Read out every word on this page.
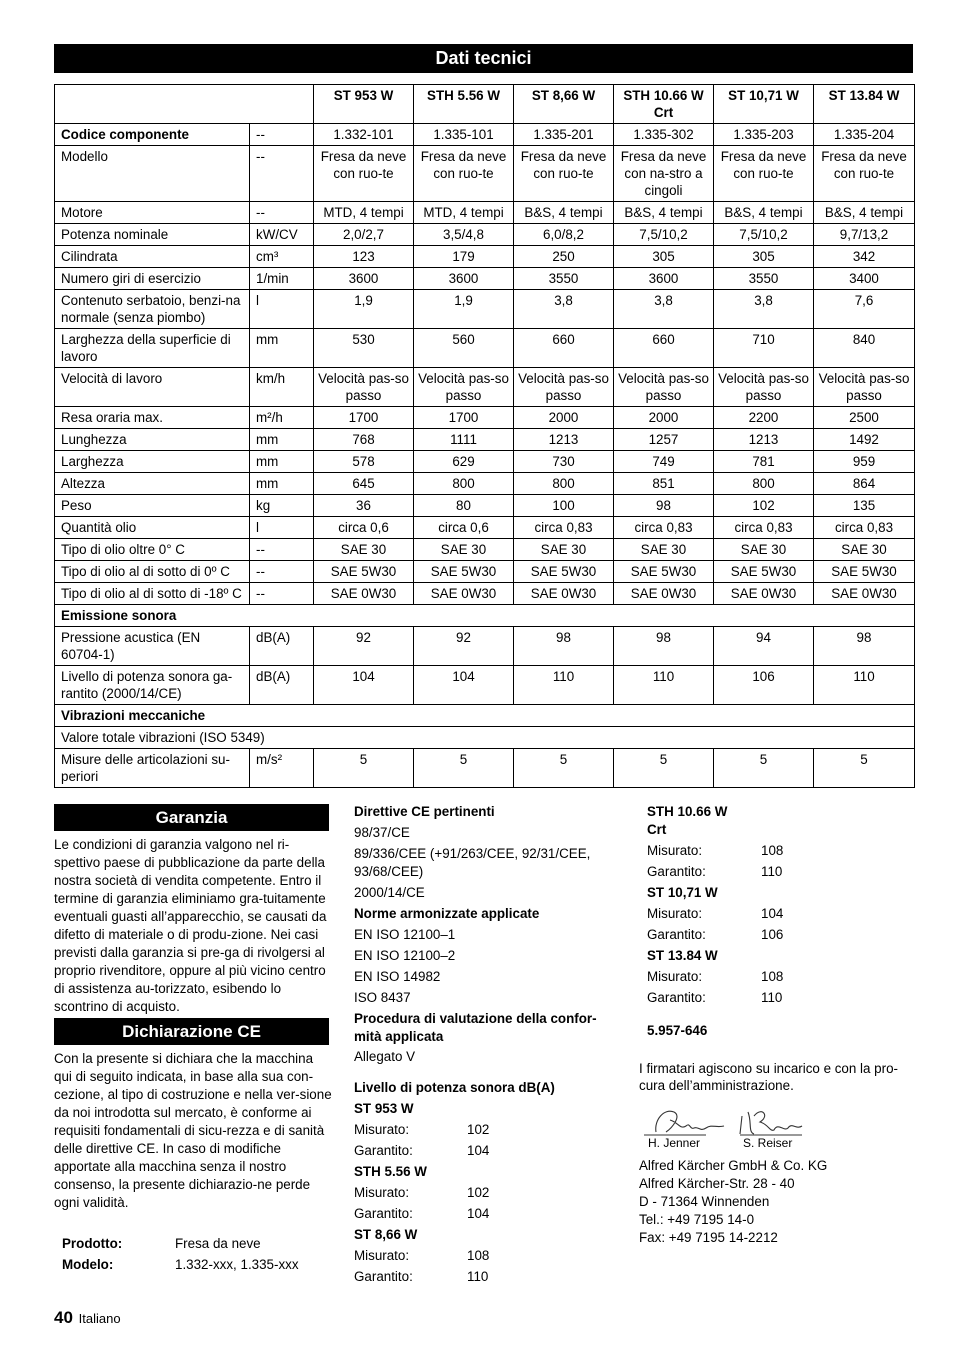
Dati tecnici
		ST 953 W	STH 5.56 W	ST 8,66 W	STH 10.66 W Crt	ST 10,71 W	ST 13.84 W
Codice componente	--	1.332-101	1.335-101	1.335-201	1.335-302	1.335-203	1.335-204
Modello	--	Fresa da neve con ruo-te	Fresa da neve con ruo-te	Fresa da neve con ruo-te	Fresa da neve con na-stro a cingoli	Fresa da neve con ruo-te	Fresa da neve con ruo-te
Motore	--	MTD, 4 tempi	MTD, 4 tempi	B&S, 4 tempi	B&S, 4 tempi	B&S, 4 tempi	B&S, 4 tempi
Potenza nominale	kW/CV	2,0/2,7	3,5/4,8	6,0/8,2	7,5/10,2	7,5/10,2	9,7/13,2
Cilindrata	cm³	123	179	250	305	305	342
Numero giri di esercizio	1/min	3600	3600	3550	3600	3550	3400
Contenuto serbatoio, benzi-na normale (senza piombo)	l	1,9	1,9	3,8	3,8	3,8	7,6
Larghezza della superficie di lavoro	mm	530	560	660	660	710	840
Velocità di lavoro	km/h	Velocità pas-so passo	Velocità pas-so passo	Velocità pas-so passo	Velocità pas-so passo	Velocità pas-so passo	Velocità pas-so passo
Resa oraria max.	m²/h	1700	1700	2000	2000	2200	2500
Lunghezza	mm	768	1111	1213	1257	1213	1492
Larghezza	mm	578	629	730	749	781	959
Altezza	mm	645	800	800	851	800	864
Peso	kg	36	80	100	98	102	135
Quantità olio	l	circa 0,6	circa 0,6	circa 0,83	circa 0,83	circa 0,83	circa 0,83
Tipo di olio oltre 0° C	--	SAE 30	SAE 30	SAE 30	SAE 30	SAE 30	SAE 30
Tipo di olio al di sotto di 0º C	--	SAE 5W30	SAE 5W30	SAE 5W30	SAE 5W30	SAE 5W30	SAE 5W30
Tipo di olio al di sotto di -18º C	--	SAE 0W30	SAE 0W30	SAE 0W30	SAE 0W30	SAE 0W30	SAE 0W30
Emissione sonora							
Pressione acustica (EN 60704-1)	dB(A)	92	92	98	98	94	98
Livello di potenza sonora ga-rantito (2000/14/CE)	dB(A)	104	104	110	110	106	110
Vibrazioni meccaniche							
Valore totale vibrazioni (ISO 5349)							
Misure delle articolazioni su-periori	m/s²	5	5	5	5	5	5
Garanzia

Le condizioni di garanzia valgono nel ri-spettivo paese di pubblicazione da parte della nostra società di vendita competente. Entro il termine di garanzia eliminiamo gra-tuitamente eventuali guasti all’apparecchio, se causati da difetto di materiale o di produ-zione. Nei casi previsti dalla garanzia si pre-ga di rivolgersi al proprio rivenditore, oppure al più vicino centro di assistenza au-torizzato, esibendo lo scontrino di acquisto.

Dichiarazione CE

Con la presente si dichiara che la macchina qui di seguito indicata, in base alla sua con-cezione, al tipo di costruzione e nella ver-sione da noi introdotta sul mercato, è conforme ai requisiti fondamentali di sicu-rezza e di sanità delle direttive CE. In caso di modifiche apportate alla macchina senza il nostro consenso, la presente dichiarazio-ne perde ogni validità.

Prodotto:	Fresa da neve
Modelo:	1.332-xxx, 1.335-xxx
Direttive CE pertinenti
98/37/CE
89/336/CEE (+91/263/CEE, 92/31/CEE, 93/68/CEE)
2000/14/CE
Norme armonizzate applicate
EN ISO 12100–1
EN ISO 12100–2
EN ISO 14982
ISO 8437
Procedura di valutazione della confor-mità applicata
Allegato V
Livello di potenza sonora dB(A)
ST 953 W
Misurato:	102
Garantito:	104
STH 5.56 W
Misurato:	102
Garantito:	104
ST 8,66 W
Misurato:	108
Garantito:	110
STH 10.66 W Crt
Misurato:	108
Garantito:	110
ST 10,71 W
Misurato:	104
Garantito:	106
ST 13.84 W
Misurato:	108
Garantito:	110
5.957-646
I firmatari agiscono su incarico e con la pro-cura dell’amministrazione.
H. Jenner	S. Reiser
Alfred Kärcher GmbH & Co. KG
Alfred Kärcher-Str. 28 - 40
D - 71364 Winnenden
Tel.: +49 7195 14-0
Fax: +49 7195 14-2212
40 Italiano
